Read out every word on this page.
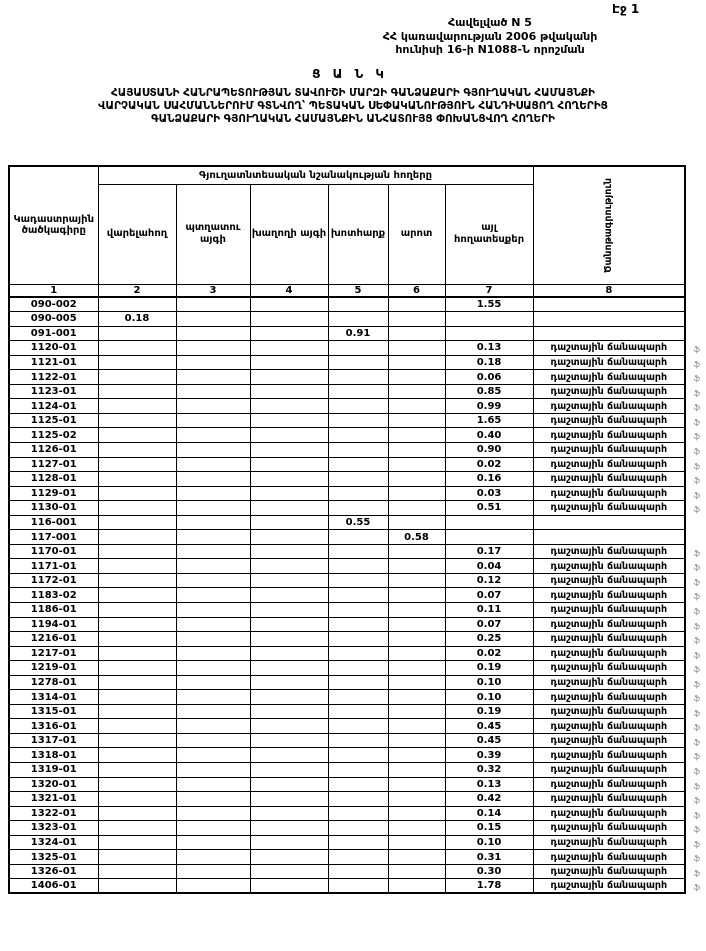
Էջ 1
Հավելված N 5
ՀՀ կառավարության 2006 թվականի
հունիսի 16-ի N1088-Ն որոշման
Ց Ա Ն Կ
ՀԱՅԱՍՏԱՆԻ ՀԱՆՐԱՊԵՏՈՒԹՅԱՆ ՏԱՎՈՒՇԻ ՄԱՐԶԻ ԳԱՆՁԱՔԱՐԻ ԳՅՈՒՂԱԿԱՆ ՀԱՄԱՅՆՔԻ
ՎԱՐՉԱԿԱՆ ՍԱՀՄԱՆՆԵՐՈՒՄ ԳՏՆՎՈՂ՝ ՊԵՏԱԿԱՆ ՍԵՓԱԿԱՆՈՒԹՅՈՒՆ ՀԱՆԴԻՍԱՑՈՂ ՀՈՂԵՐԻՑ
ԳԱՆՁԱՔԱՐԻ ԳՅՈՒՂԱԿԱՆ ՀԱՄԱՅՆՔԻՆ ԱՆՀԱՏՈՒՅՑ ՓՈԽԱՆՑՎՈՂ ՀՈՂԵՐԻ
Կադաստրային ծածկագիրը	Գյուղատնտեսական նշանակության հողերը						Ծանոթագրություն

	վարելահող	պտղատու այգի	խաղողի այգի	խոտհարք	արոտ	այլ հողատեսքեր	
1	2	3	4	5	6	7	8
090-002						1.55	
090-005	0.18						
091-001				0.91			
1120-01						0.13	դաշտային ճանապարհ ֆ

1121-01						0.18	դաշտային ճանապարհ ֆ

1122-01						0.06	դաշտային ճանապարհ ֆ

1123-01						0.85	դաշտային ճանապարհ ֆ

1124-01						0.99	դաշտային ճանապարհ ֆ

1125-01						1.65	դաշտային ճանապարհ ֆ

1125-02						0.40	դաշտային ճանապարհ ֆ

1126-01						0.90	դաշտային ճանապարհ ֆ

1127-01						0.02	դաշտային ճանապարհ ֆ

1128-01						0.16	դաշտային ճանապարհ ֆ

1129-01						0.03	դաշտային ճանապարհ ֆ

1130-01						0.51	դաշտային ճանապարհ ֆ

116-001				0.55			
117-001					0.58		
1170-01						0.17	դաշտային ճանապարհ ֆ

1171-01						0.04	դաշտային ճանապարհ ֆ

1172-01						0.12	դաշտային ճանապարհ ֆ

1183-02						0.07	դաշտային ճանապարհ ֆ

1186-01						0.11	դաշտային ճանապարհ ֆ

1194-01						0.07	դաշտային ճանապարհ ֆ

1216-01						0.25	դաշտային ճանապարհ ֆ

1217-01						0.02	դաշտային ճանապարհ ֆ

1219-01						0.19	դաշտային ճանապարհ ֆ

1278-01						0.10	դաշտային ճանապարհ ֆ

1314-01						0.10	դաշտային ճանապարհ ֆ

1315-01						0.19	դաշտային ճանապարհ ֆ

1316-01						0.45	դաշտային ճանապարհ ֆ

1317-01						0.45	դաշտային ճանապարհ ֆ

1318-01						0.39	դաշտային ճանապարհ ֆ

1319-01						0.32	դաշտային ճանապարհ ֆ

1320-01						0.13	դաշտային ճանապարհ ֆ

1321-01						0.42	դաշտային ճանապարհ ֆ

1322-01						0.14	դաշտային ճանապարհ ֆ

1323-01						0.15	դաշտային ճանապարհ ֆ

1324-01						0.10	դաշտային ճանապարհ ֆ

1325-01						0.31	դաշտային ճանապարհ ֆ

1326-01						0.30	դաշտային ճանապարհ ֆ

1406-01						1.78	դաշտային ճանապարհ ֆ
